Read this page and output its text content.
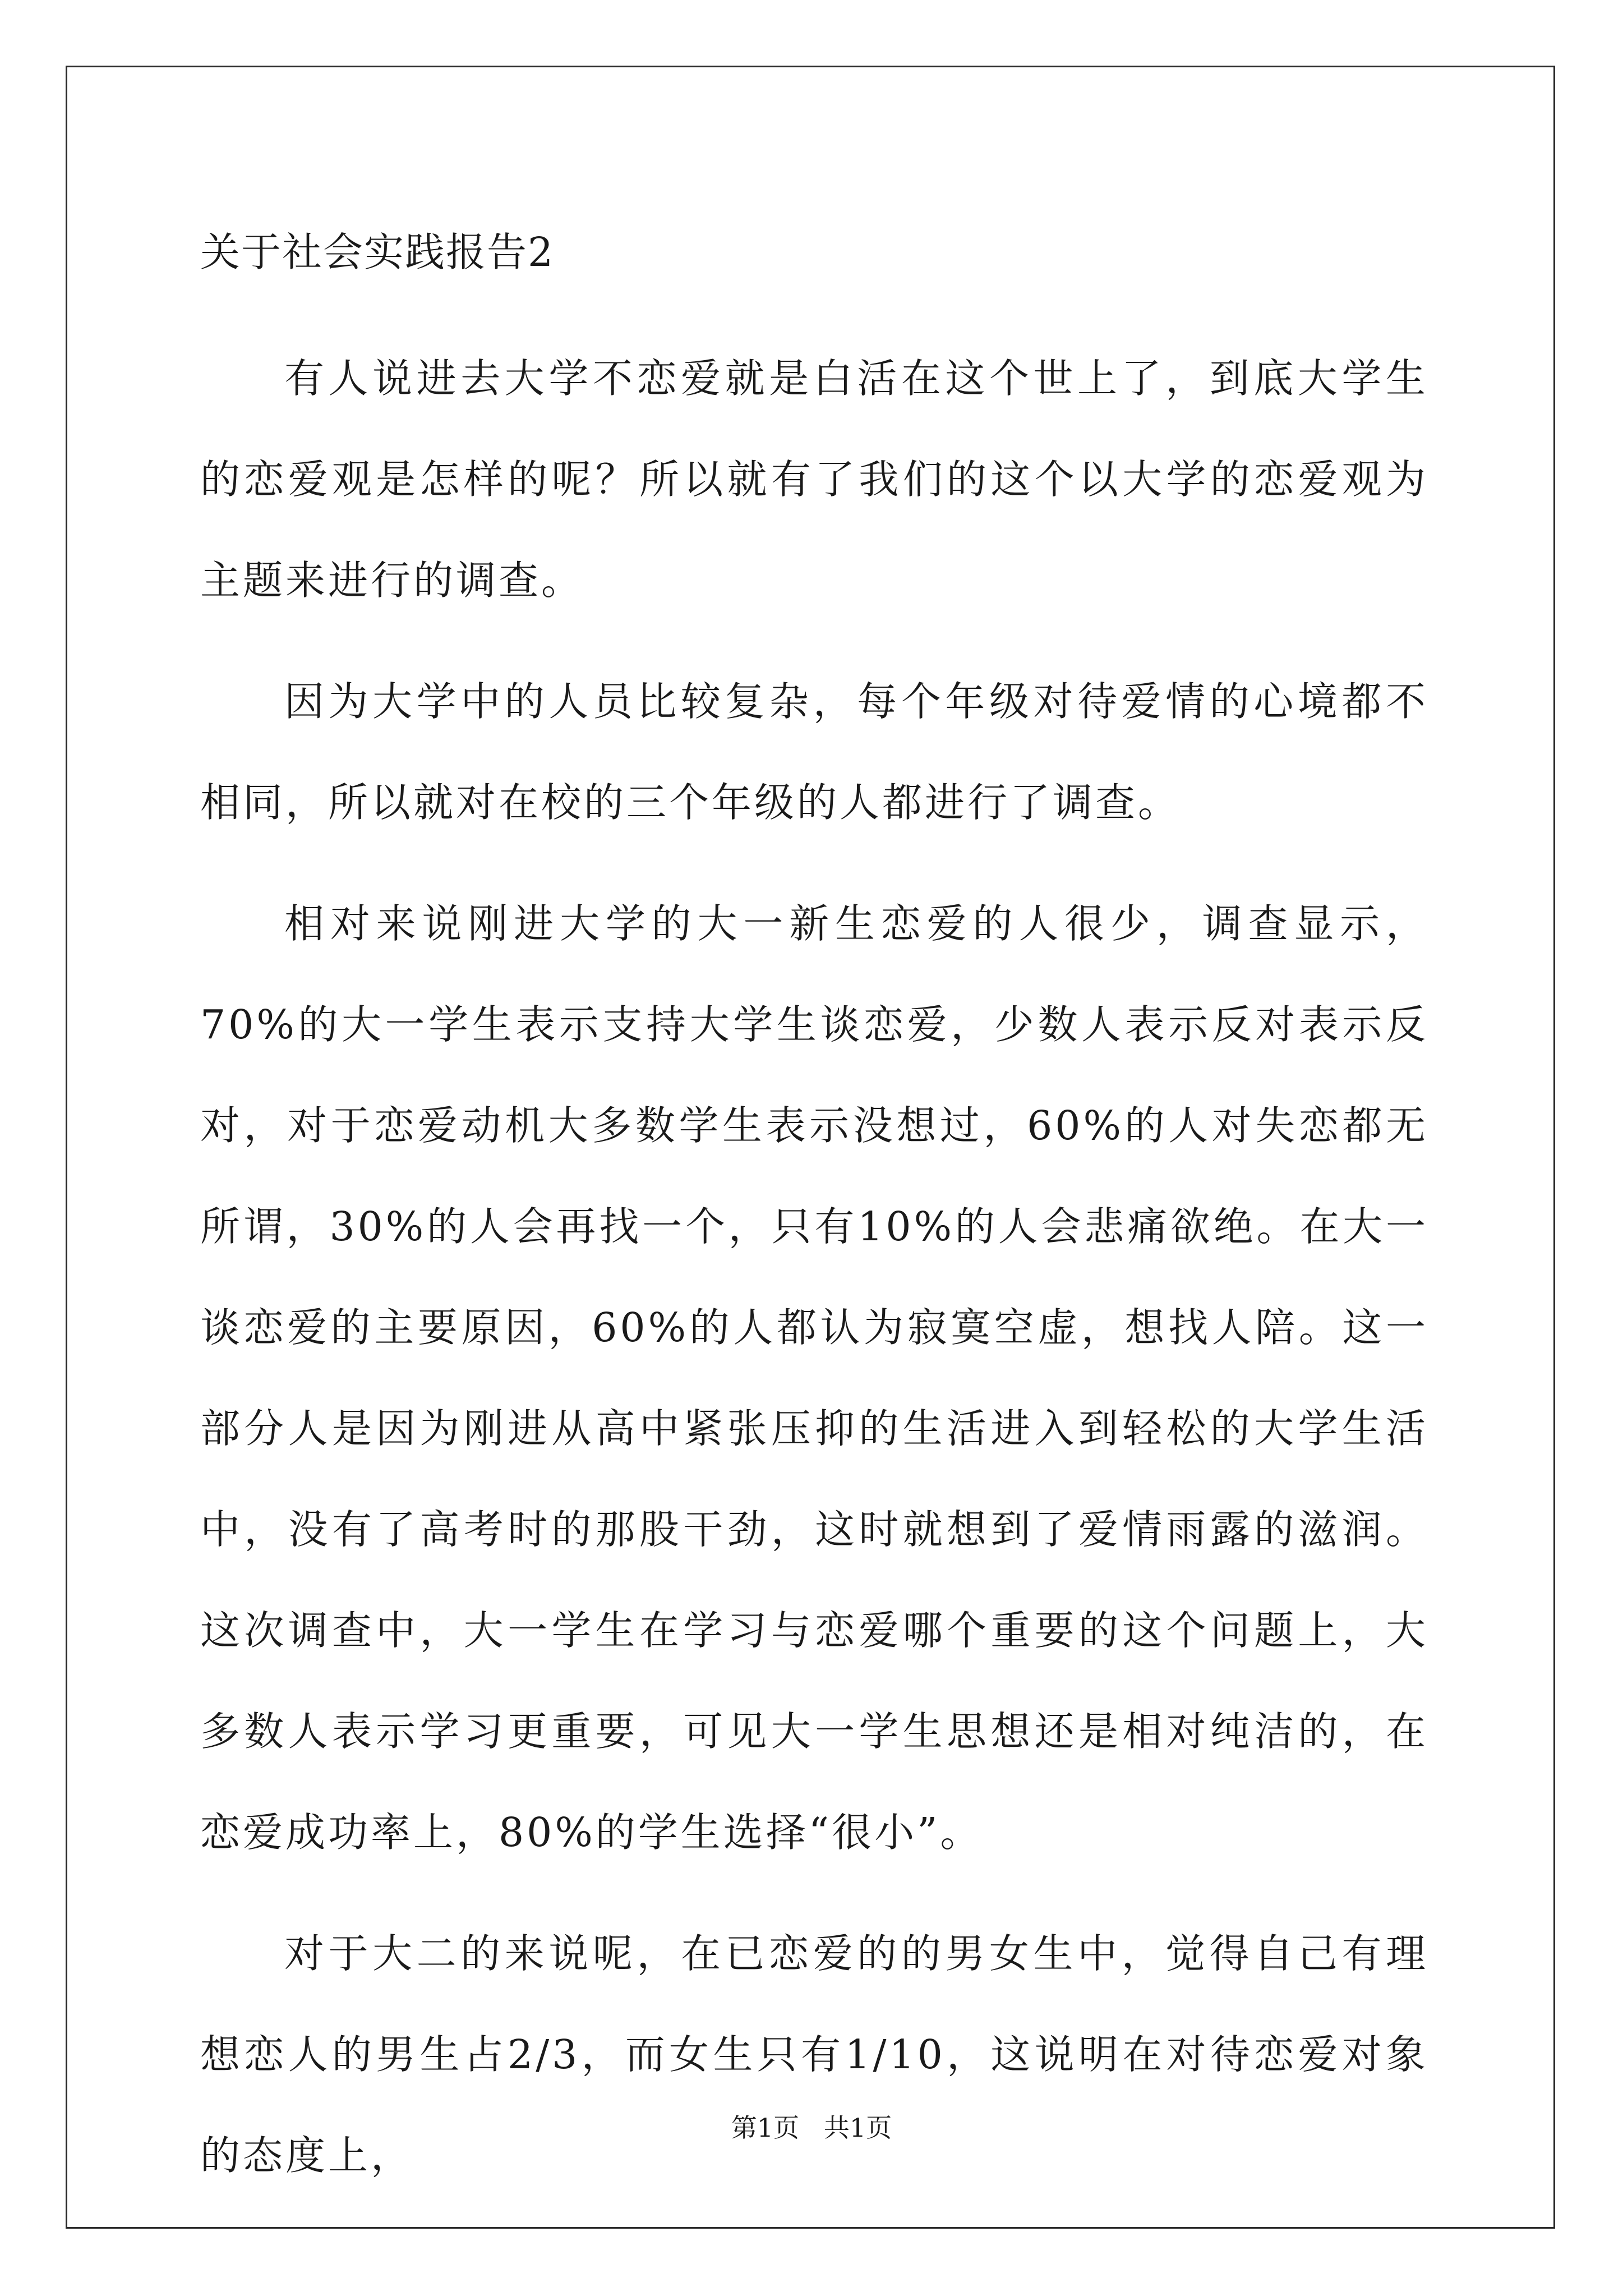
关于社会实践报告2

有人说进去大学不恋爱就是白活在这个世上了，到底大学生的恋爱观是怎样的呢？所以就有了我们的这个以大学的恋爱观为主题来进行的调查。

因为大学中的人员比较复杂，每个年级对待爱情的心境都不相同，所以就对在校的三个年级的人都进行了调查。

相对来说刚进大学的大一新生恋爱的人很少，调查显示，70%的大一学生表示支持大学生谈恋爱，少数人表示反对表示反对，对于恋爱动机大多数学生表示没想过，60%的人对失恋都无所谓，30%的人会再找一个，只有10%的人会悲痛欲绝。在大一谈恋爱的主要原因，60%的人都认为寂寞空虚，想找人陪。这一部分人是因为刚进从高中紧张压抑的生活进入到轻松的大学生活中，没有了高考时的那股干劲，这时就想到了爱情雨露的滋润。这次调查中，大一学生在学习与恋爱哪个重要的这个问题上，大多数人表示学习更重要，可见大一学生思想还是相对纯洁的，在恋爱成功率上，80%的学生选择“很小”。

对于大二的来说呢，在已恋爱的的男女生中，觉得自己有理想恋人的男生占2/3，而女生只有1/10，这说明在对待恋爱对象的态度上，

第1页   共1页
